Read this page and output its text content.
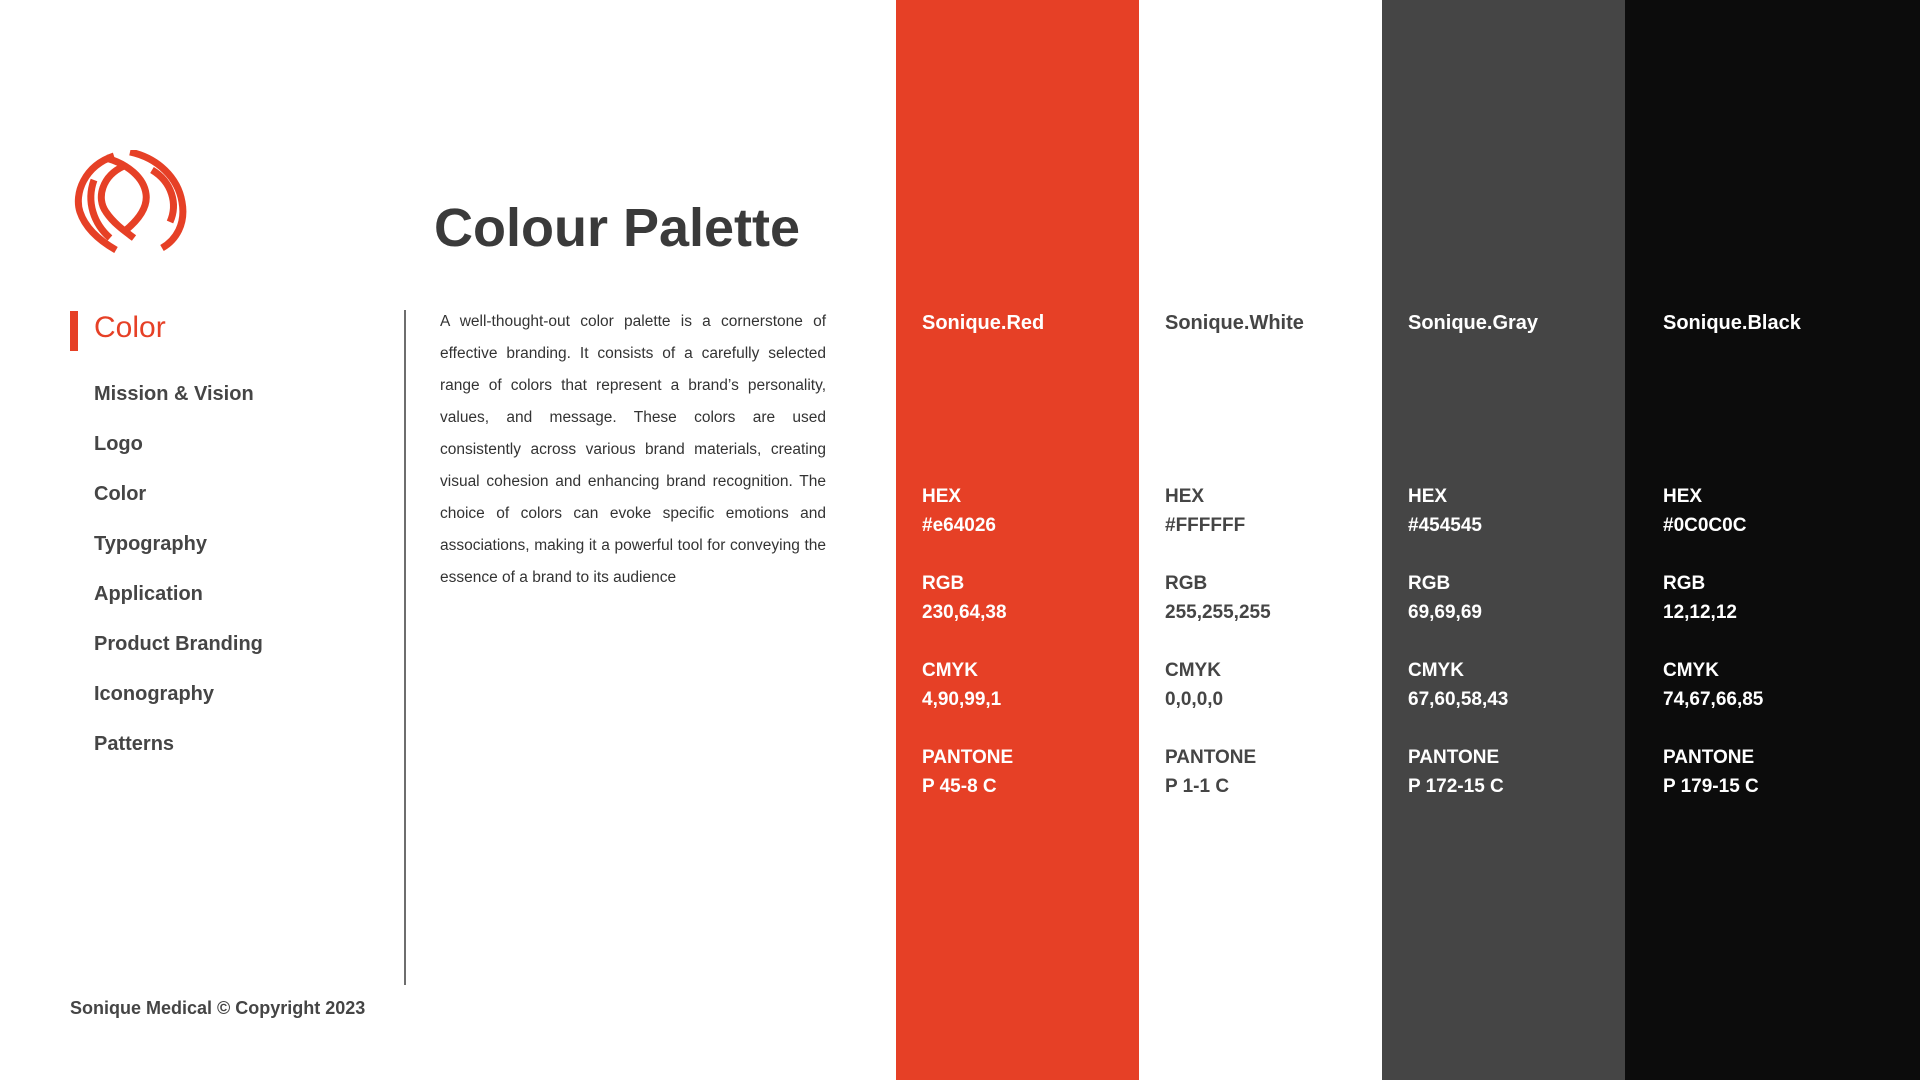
Color
Mission & Vision
Logo
Color
Typography
Application
Product Branding
Iconography
Patterns
Sonique Medical © Copyright 2023
Colour Palette

A well-thought-out color palette is a cornerstone of effective branding. It consists of a carefully selected range of colors that represent a brand’s personality, values, and message. These colors are used consistently across various brand materials, creating visual cohesion and enhancing brand recognition. The choice of colors can evoke specific emotions and associations, making it a powerful tool for conveying the essence of a brand to its audience

Sonique.Red
HEX
#e64026
RGB
230,64,38
CMYK
4,90,99,1
PANTONE
P 45-8 C
Sonique.White
HEX
#FFFFFF
RGB
255,255,255
CMYK
0,0,0,0
PANTONE
P 1-1 C
Sonique.Gray
HEX
#454545
RGB
69,69,69
CMYK
67,60,58,43
PANTONE
P 172-15 C
Sonique.Black
HEX
#0C0C0C
RGB
12,12,12
CMYK
74,67,66,85
PANTONE
P 179-15 C
